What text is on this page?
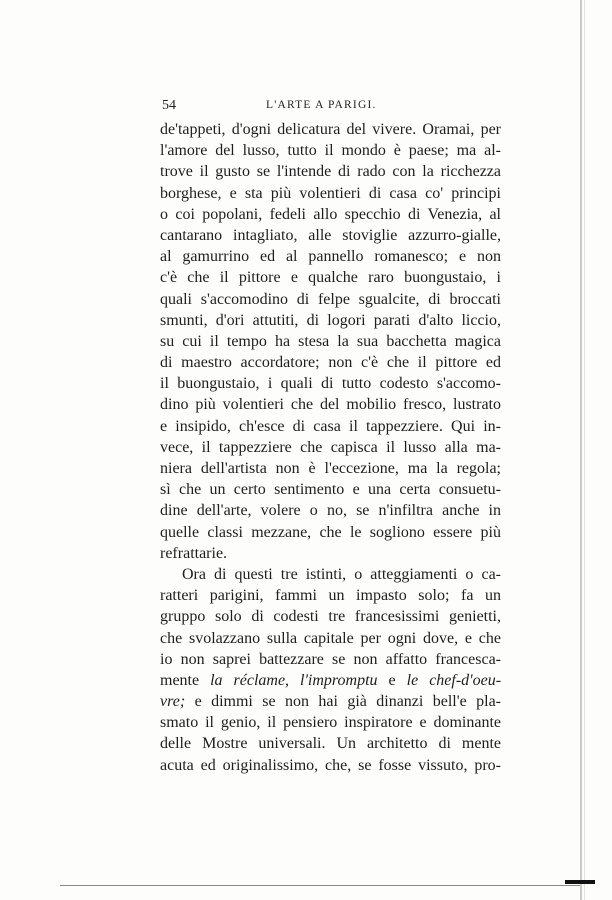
54	L'ARTE A PARIGI.
de'tappeti, d'ogni delicatura del vivere. Oramai, per
l'amore del lusso, tutto il mondo è paese; ma al-
trove il gusto se l'intende di rado con la ricchezza
borghese, e sta più volentieri di casa co' principi
o coi popolani, fedeli allo specchio di Venezia, al
cantarano intagliato, alle stoviglie azzurro-gialle,
al gamurrino ed al pannello romanesco; e non
c'è che il pittore e qualche raro buongustaio, i
quali s'accomodino di felpe sgualcite, di broccati
smunti, d'ori attutiti, di logori parati d'alto liccio,
su cui il tempo ha stesa la sua bacchetta magica
di maestro accordatore; non c'è che il pittore ed
il buongustaio, i quali di tutto codesto s'accomo-
dino più volentieri che del mobilio fresco, lustrato
e insipido, ch'esce di casa il tappezziere. Qui in-
vece, il tappezziere che capisca il lusso alla ma-
niera dell'artista non è l'eccezione, ma la regola;
sì che un certo sentimento e una certa consuetu-
dine dell'arte, volere o no, se n'infiltra anche in
quelle classi mezzane, che le sogliono essere più
refrattarie.
Ora di questi tre istinti, o atteggiamenti o ca-
ratteri parigini, fammi un impasto solo; fa un
gruppo solo di codesti tre francesissimi genietti,
che svolazzano sulla capitale per ogni dove, e che
io non saprei battezzare se non affatto francesca-
mente la réclame, l'impromptu e le chef-d'oeu-
vre; e dimmi se non hai già dinanzi bell'e pla-
smato il genio, il pensiero inspiratore e dominante
delle Mostre universali. Un architetto di mente
acuta ed originalissimo, che, se fosse vissuto, pro-
